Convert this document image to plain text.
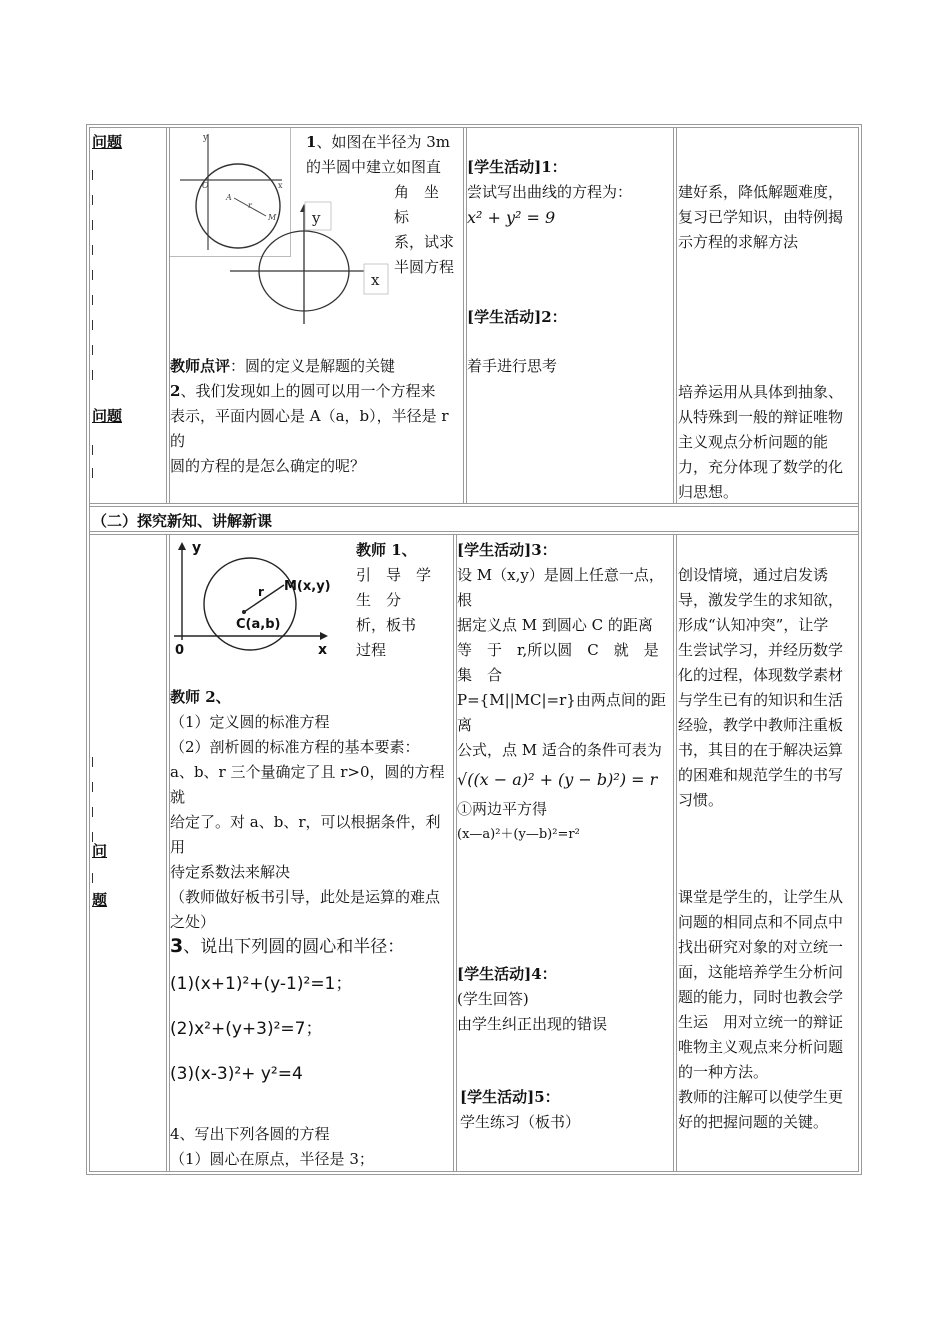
问题
问题
问
题
y
O	x
A
r
M y
x
1、如图在半径为 3m
的半圆中建立如图直
角　坐　标
系，试求
半圆方程
教师点评：圆的定义是解题的关键
2、我们发现如上的圆可以用一个方程来
表示，平面内圆心是 A（a，b），半径是 r 的
圆的方程的是怎么确定的呢？
[学生活动]1：
尝试写出曲线的方程为：
x² + y² = 9
[学生活动]2：
着手进行思考
建好系，降低解题难度，
复习已学知识，由特例揭
示方程的求解方法
培养运用从具体到抽象、
从特殊到一般的辩证唯物
主义观点分析问题的能
力，充分体现了数学的化
归思想。
（二）探究新知、讲解新课
y
M(x,y)
r
C(a,b)
0	x
教师 1、
引　导　学　生　分
析，板书
过程
教师 2、
（1）定义圆的标准方程
（2）剖析圆的标准方程的基本要素：
a、b、r 三个量确定了且 r>0，圆的方程就
给定了。对 a、b、r，可以根据条件，利用
待定系数法来解决
（教师做好板书引导，此处是运算的难点
之处）
3、说出下列圆的圆心和半径：
(1)(x+1)²+(y-1)²=1；
(2)x²+(y+3)²=7；
(3)(x-3)²+ y²=4
4、写出下列各圆的方程
（1）圆心在原点，半径是 3；
[学生活动]3：
设 M（x,y）是圆上任意一点，根
据定义点 M 到圆心 C 的距离
等　于　r,所以圆　C　就　是　集　合
P={M||MC|=r}由两点间的距离
公式，点 M 适合的条件可表为
√((x − a)² + (y − b)²) = r
①两边平方得
(x—a)²＋(y—b)²=r²
[学生活动]4：
(学生回答)
由学生纠正出现的错误
[学生活动]5：
学生练习（板书）
创设情境，通过启发诱
导，激发学生的求知欲，
形成“认知冲突”，让学
生尝试学习，并经历数学
化的过程，体现数学素材
与学生已有的知识和生活
经验，教学中教师注重板
书，其目的在于解决运算
的困难和规范学生的书写
习惯。
课堂是学生的，让学生从
问题的相同点和不同点中
找出研究对象的对立统一
面，这能培养学生分析问
题的能力，同时也教会学
生运　用对立统一的辩证
唯物主义观点来分析问题
的一种方法。
教师的注解可以使学生更
好的把握问题的关键。
